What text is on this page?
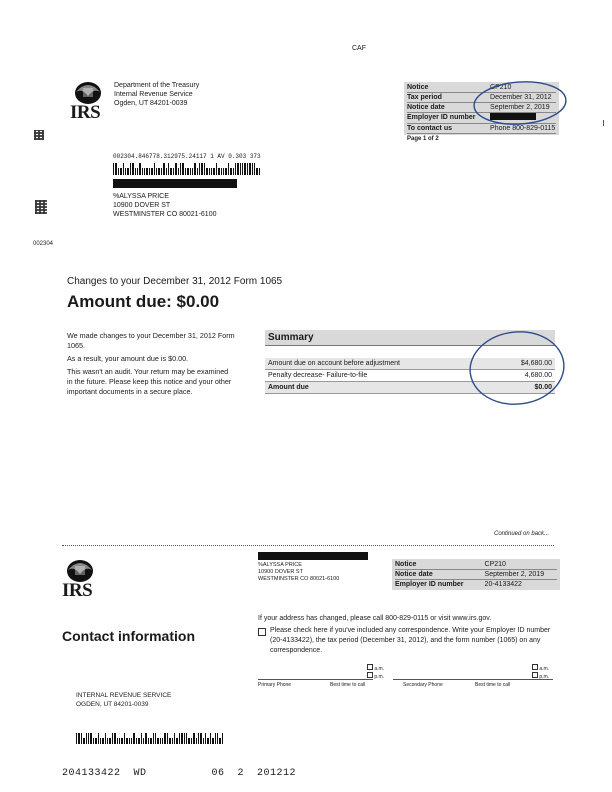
CAF
IRS
Department of the Treasury
Internal Revenue Service
Ogden, UT 84201-0039
Notice	CP210
Tax period	December 31, 2012
Notice date	September 2, 2019
Employer ID number	
To contact us	Phone 800-829-0115
Page 1 of 2
002304
002304.846778.312975.24117 1 AV 0.303 373
%ALYSSA PRICE
10900 DOVER ST
WESTMINSTER CO 80021-6100
Changes to your December 31, 2012 Form 1065
Amount due: $0.00
We made changes to your December 31, 2012 Form 1065.
As a result, your amount due is $0.00.
This wasn't an audit. Your return may be examined in the future. Please keep this notice and your other important documents in a secure place.
Summary
Amount due on account before adjustment	$4,680.00
Penalty decrease- Failure-to-file	4,680.00
Amount due	$0.00
Continued on back...
IRS
%ALYSSA PRICE
10900 DOVER ST
WESTMINSTER CO 80021-6100
Notice	CP210
Notice date	September 2, 2019
Employer ID number	20-4133422
Contact information
If your address has changed, please call 800-829-0115 or visit www.irs.gov.
Please check here if you've included any correspondence. Write your Employer ID number (20-4133422), the tax period (December 31, 2012), and the form number (1065) on any correspondence.
a.m.
p.m.
a.m.
p.m.
Primary Phone	Best time to call	Secondary Phone	Best time to call
INTERNAL REVENUE SERVICE
OGDEN, UT 84201-0039
204133422  WD          06  2  201212
